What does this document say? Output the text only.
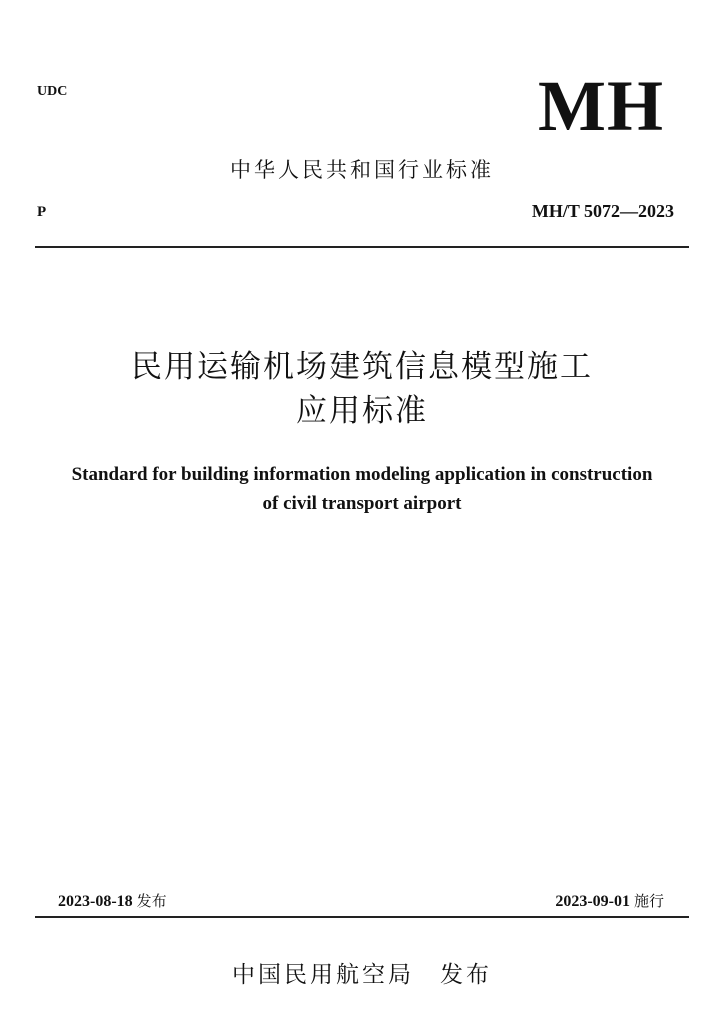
UDC	MH
中华人民共和国行业标准
P	MH/T 5072—2023
民用运输机场建筑信息模型施工
应用标准
Standard for building information modeling application in construction
of civil transport airport
2023-08-18 发布	2023-09-01 施行
中国民用航空局 发布
